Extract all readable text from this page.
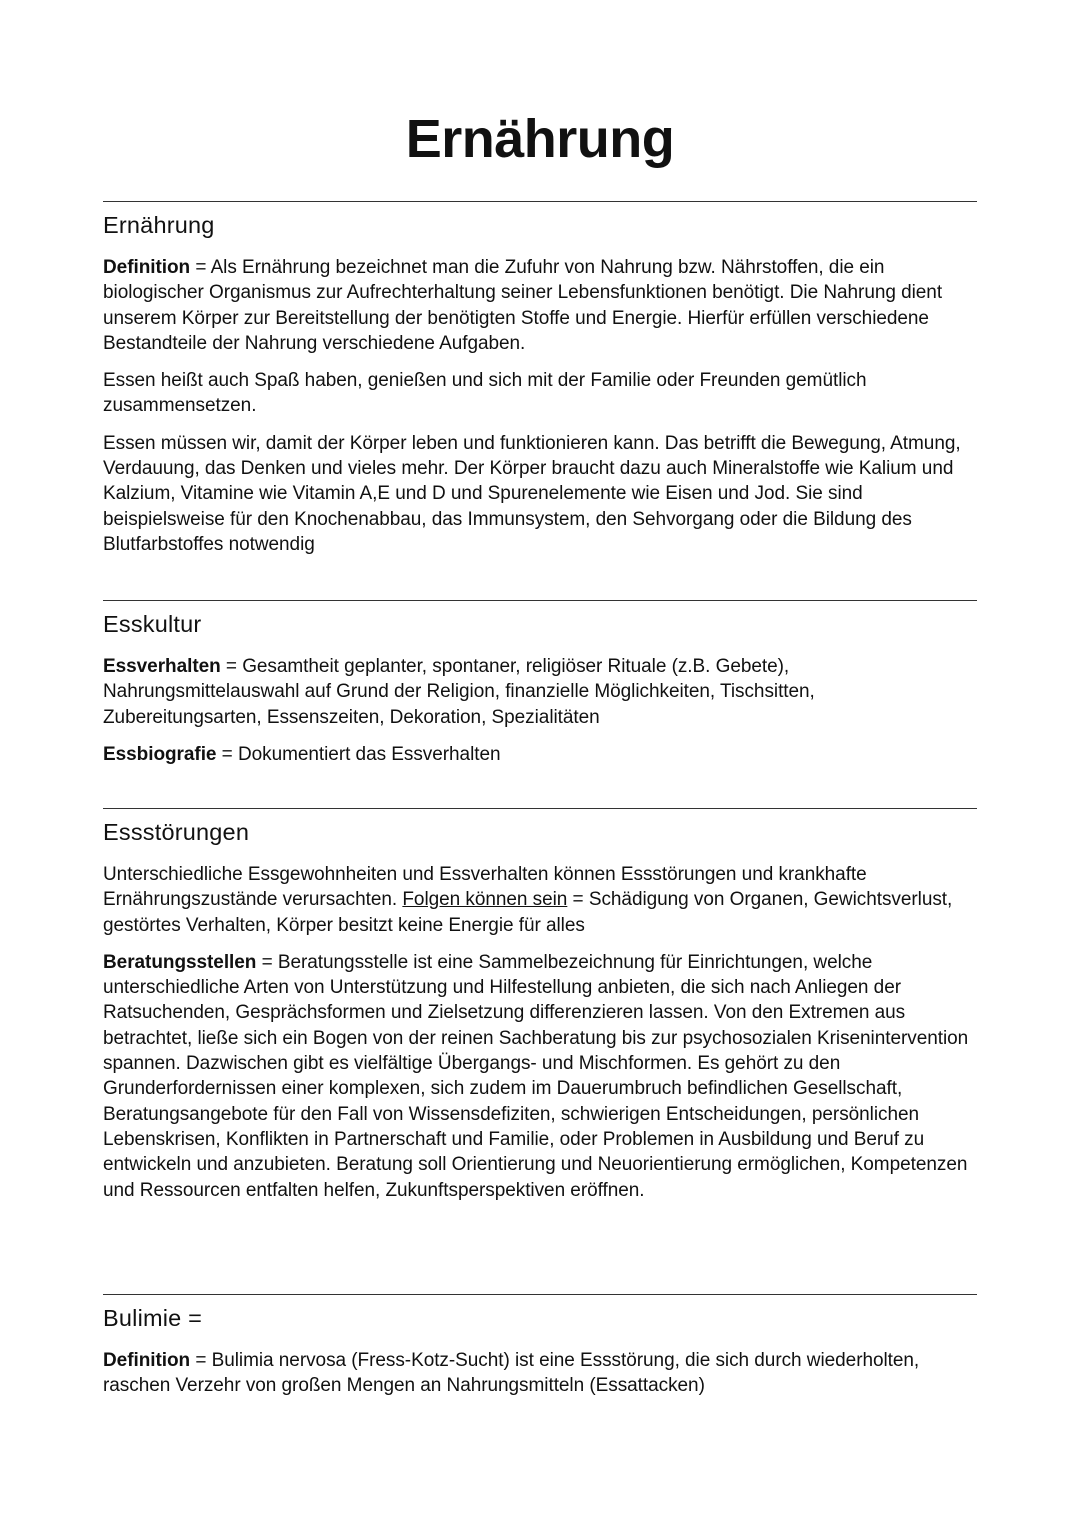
Ernährung
Ernährung

Definition = Als Ernährung bezeichnet man die Zufuhr von Nahrung bzw. Nährstoffen, die ein biologischer Organismus zur Aufrechterhaltung seiner Lebensfunktionen benötigt. Die Nahrung dient unserem Körper zur Bereitstellung der benötigten Stoffe und Energie. Hierfür erfüllen verschiedene Bestandteile der Nahrung verschiedene Aufgaben.

Essen heißt auch Spaß haben, genießen und sich mit der Familie oder Freunden gemütlich zusammensetzen.

Essen müssen wir, damit der Körper leben und funktionieren kann. Das betrifft die Bewegung, Atmung, Verdauung, das Denken und vieles mehr. Der Körper braucht dazu auch Mineralstoffe wie Kalium und Kalzium, Vitamine wie Vitamin A,E und D und Spurenelemente wie Eisen und Jod. Sie sind beispielsweise für den Knochenabbau, das Immunsystem, den Sehvorgang oder die Bildung des Blutfarbstoffes notwendig

Esskultur

Essverhalten = Gesamtheit geplanter, spontaner, religiöser Rituale (z.B. Gebete), Nahrungsmittelauswahl auf Grund der Religion, finanzielle Möglichkeiten, Tischsitten, Zubereitungsarten, Essenszeiten, Dekoration, Spezialitäten

Essbiografie = Dokumentiert das Essverhalten

Essstörungen

Unterschiedliche Essgewohnheiten und Essverhalten können Essstörungen und krankhafte Ernährungszustände verursachten. Folgen können sein = Schädigung von Organen, Gewichtsverlust, gestörtes Verhalten, Körper besitzt keine Energie für alles

Beratungsstellen = Beratungsstelle ist eine Sammelbezeichnung für Einrichtungen, welche unterschiedliche Arten von Unterstützung und Hilfestellung anbieten, die sich nach Anliegen der Ratsuchenden, Gesprächsformen und Zielsetzung differenzieren lassen. Von den Extremen aus betrachtet, ließe sich ein Bogen von der reinen Sachberatung bis zur psychosozialen Krisenintervention spannen. Dazwischen gibt es vielfältige Übergangs- und Mischformen. Es gehört zu den Grunderfordernissen einer komplexen, sich zudem im Dauerumbruch befindlichen Gesellschaft, Beratungsangebote für den Fall von Wissensdefiziten, schwierigen Entscheidungen, persönlichen Lebenskrisen, Konflikten in Partnerschaft und Familie, oder Problemen in Ausbildung und Beruf zu entwickeln und anzubieten. Beratung soll Orientierung und Neuorientierung ermöglichen, Kompetenzen und Ressourcen entfalten helfen, Zukunftsperspektiven eröffnen.

Bulimie =

Definition = Bulimia nervosa (Fress-Kotz-Sucht) ist eine Essstörung, die sich durch wiederholten, raschen Verzehr von großen Mengen an Nahrungsmitteln (Essattacken)
